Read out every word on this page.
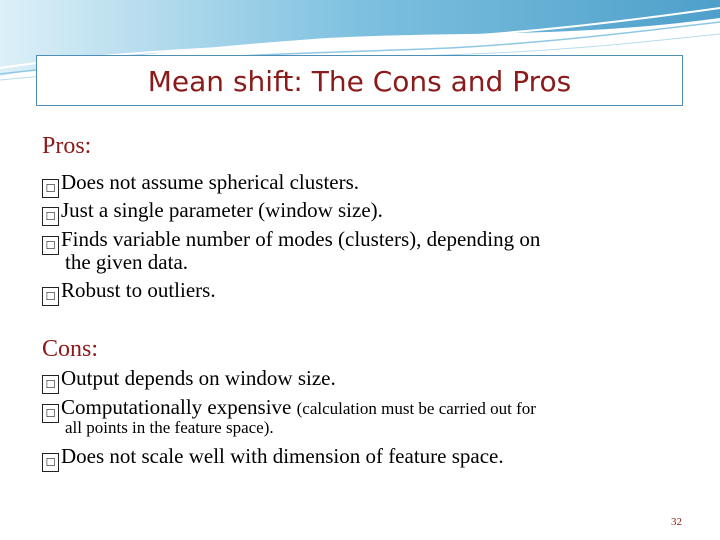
Mean shift: The Cons and Pros
Pros:
☐ Does not assume spherical clusters.
☐ Just a single parameter (window size).
☐ Finds variable number of modes (clusters), depending on
the given data.
☐ Robust to outliers.
Cons:
☐ Output depends on window size.
☐ Computationally expensive (calculation must be carried out for
all points in the feature space).
☐ Does not scale well with dimension of feature space.
32
